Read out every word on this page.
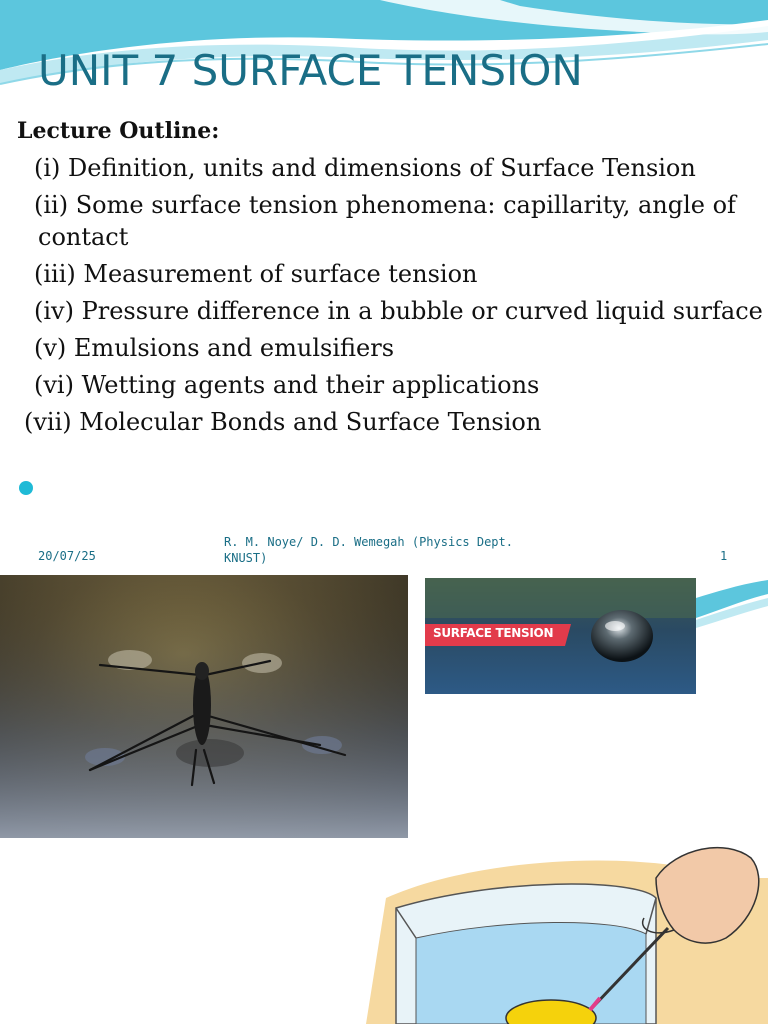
UNIT 7 SURFACE TENSION
Lecture Outline:
(i) Definition, units and dimensions of Surface Tension
(ii) Some surface tension phenomena: capillarity, angle of contact
(iii) Measurement of surface tension
(iv) Pressure difference in a bubble or curved liquid surface
(v) Emulsions and emulsifiers
(vi) Wetting agents and their applications
(vii) Molecular Bonds and Surface Tension
20/07/25
R. M. Noye/ D. D. Wemegah (Physics Dept. KNUST)	1
SURFACE TENSION
